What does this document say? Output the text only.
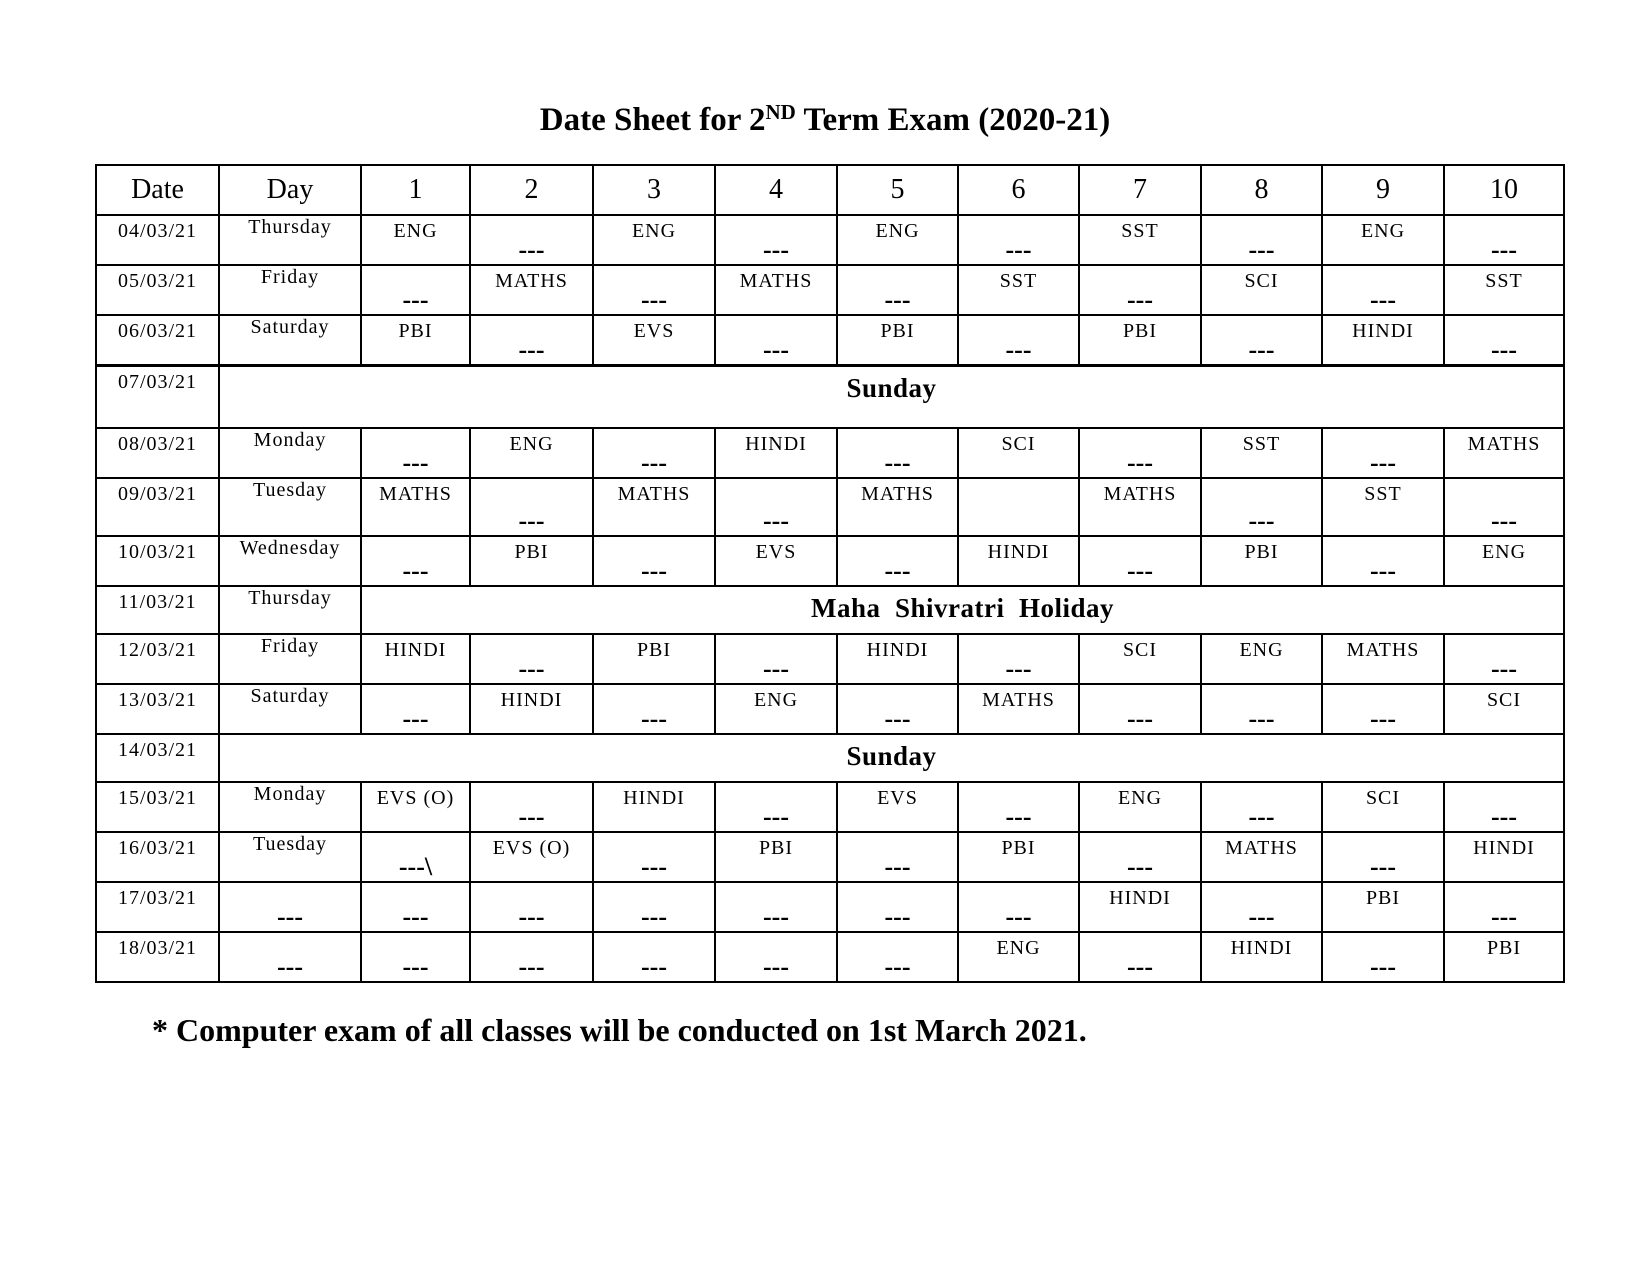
Date Sheet for 2ND Term Exam (2020-21)
Date	Day	1	2	3	4	5	6	7	8	9	10
04/03/21	Thursday	ENG	---	ENG	---	ENG	---	SST	---	ENG	---

05/03/21	Friday	---	MATHS	---	MATHS	---	SST	---	SCI	---	SST
06/03/21	Saturday	PBI	---	EVS	---	PBI	---	PBI	---	HINDI	---

07/03/21	Sunday										
08/03/21	Monday	---	ENG	---	HINDI	---	SCI	---	SST	---	MATHS
09/03/21	Tuesday	MATHS	---	MATHS	---	MATHS		MATHS	---	SST	---

10/03/21	Wednesday	---	PBI	---	EVS	---	HINDI	---	PBI	---	ENG
11/03/21	Thursday	Maha  Shivratri  Holiday									
12/03/21	Friday	HINDI	---	PBI	---	HINDI	---	SCI	ENG	MATHS	---

13/03/21	Saturday	---	HINDI	---	ENG	---	MATHS	---	---	---	SCI
14/03/21	Sunday										
15/03/21	Monday	EVS (O)	---	HINDI	---	EVS	---	ENG	---	SCI	---

16/03/21	Tuesday	---\	EVS (O)	---	PBI	---	PBI	---	MATHS	---	HINDI
17/03/21	---	---	---	---	---	---	---	HINDI	---	PBI	---

18/03/21	---	---	---	---	---	---	ENG	---	HINDI	---	PBI
* Computer exam of all classes will be conducted on 1st March 2021.
